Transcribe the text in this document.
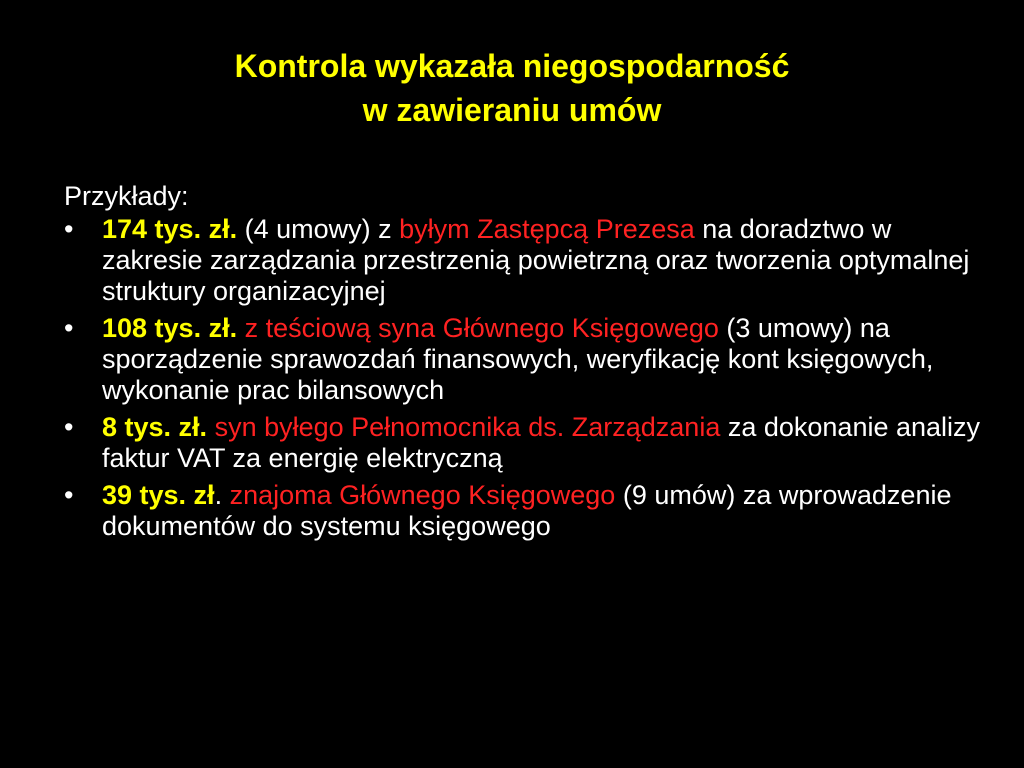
Kontrola wykazała niegospodarność
w zawieraniu umów
Przykłady:
•	174 tys. zł. (4 umowy) z byłym Zastępcą Prezesa na doradztwo w zakresie zarządzania przestrzenią powietrzną oraz tworzenia optymalnej struktury organizacyjnej
•	108 tys. zł. z teściową syna Głównego Księgowego (3 umowy) na sporządzenie sprawozdań finansowych, weryfikację kont księgowych, wykonanie prac bilansowych
•	8 tys. zł. syn byłego Pełnomocnika ds. Zarządzania za dokonanie analizy faktur VAT za energię elektryczną
•	39 tys. zł. znajoma Głównego Księgowego (9 umów) za wprowadzenie dokumentów do systemu księgowego
